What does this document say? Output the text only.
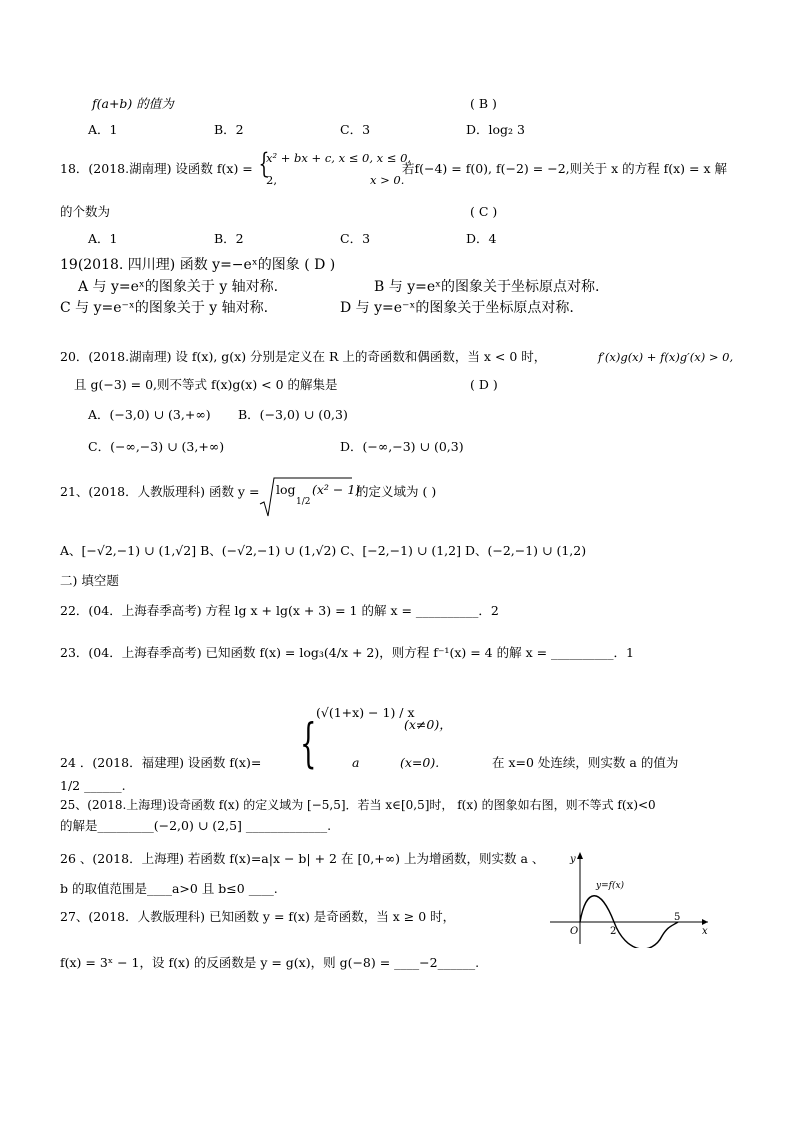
f(a+b) 的值为	( B )
A．1	B．2	C．3	D．log₂ 3
18．(2018.湖南理) 设函数 f(x) = {
x² + bx + c, x ≤ 0, x ≤ 0,
2,	x > 0.
若f(−4) = f(0), f(−2) = −2,则关于 x 的方程 f(x) = x 解
的个数为	( C )
A．1	B．2	C．3	D．4
19(2018. 四川理) 函数 y=−eˣ的图象 ( D )
A 与 y=eˣ的图象关于 y 轴对称.	B 与 y=eˣ的图象关于坐标原点对称.
C 与 y=e⁻ˣ的图象关于 y 轴对称.	D 与 y=e⁻ˣ的图象关于坐标原点对称.
20．(2018.湖南理) 设 f(x), g(x) 分别是定义在 R 上的奇函数和偶函数，当 x < 0 时，	f′(x)g(x) + f(x)g′(x) > 0,
且 g(−3) = 0,则不等式 f(x)g(x) < 0 的解集是	( D )
A．(−3,0) ∪ (3,+∞) B．(−3,0) ∪ (0,3)
C．(−∞,−3) ∪ (3,+∞)	D．(−∞,−3) ∪ (0,3)
21、(2018．人教版理科) 函数 y = log
1/2
(x² − 1)
的定义域为 ( )
A、[−√2,−1) ∪ (1,√2] B、(−√2,−1) ∪ (1,√2) C、[−2,−1) ∪ (1,2] D、(−2,−1) ∪ (1,2)
二) 填空题
22．(04．上海春季高考) 方程 lg x + lg(x + 3) = 1 的解 x = __________．2
23．(04．上海春季高考) 已知函数 f(x) = log₃(4/x + 2)，则方程 f⁻¹(x) = 4 的解 x = __________．1
(√(1+x) − 1) / x
(x≠0)，
{
24 ．(2018．福建理) 设函数 f(x)=	a	(x=0).	在 x=0 处连续，则实数 a 的值为
1/2 ______.
25、(2018.上海理)设奇函数 f(x) 的定义域为 [−5,5]．若当 x∈[0,5]时， f(x) 的图象如右图，则不等式 f(x)<0
的解是_________(−2,0) ∪ (2,5] _____________.
26 、(2018．上海理) 若函数 f(x)=a|x − b| + 2 在 [0,+∞) 上为增函数，则实数 a 、
b 的取值范围是____a>0 且 b≤0 ____.
27、(2018．人教版理科) 已知函数 y = f(x) 是奇函数，当 x ≥ 0 时，
f(x) = 3ˣ − 1，设 f(x) 的反函数是 y = g(x)，则 g(−8) = ____−2______.
y
x
O
y=f(x)
2
5
